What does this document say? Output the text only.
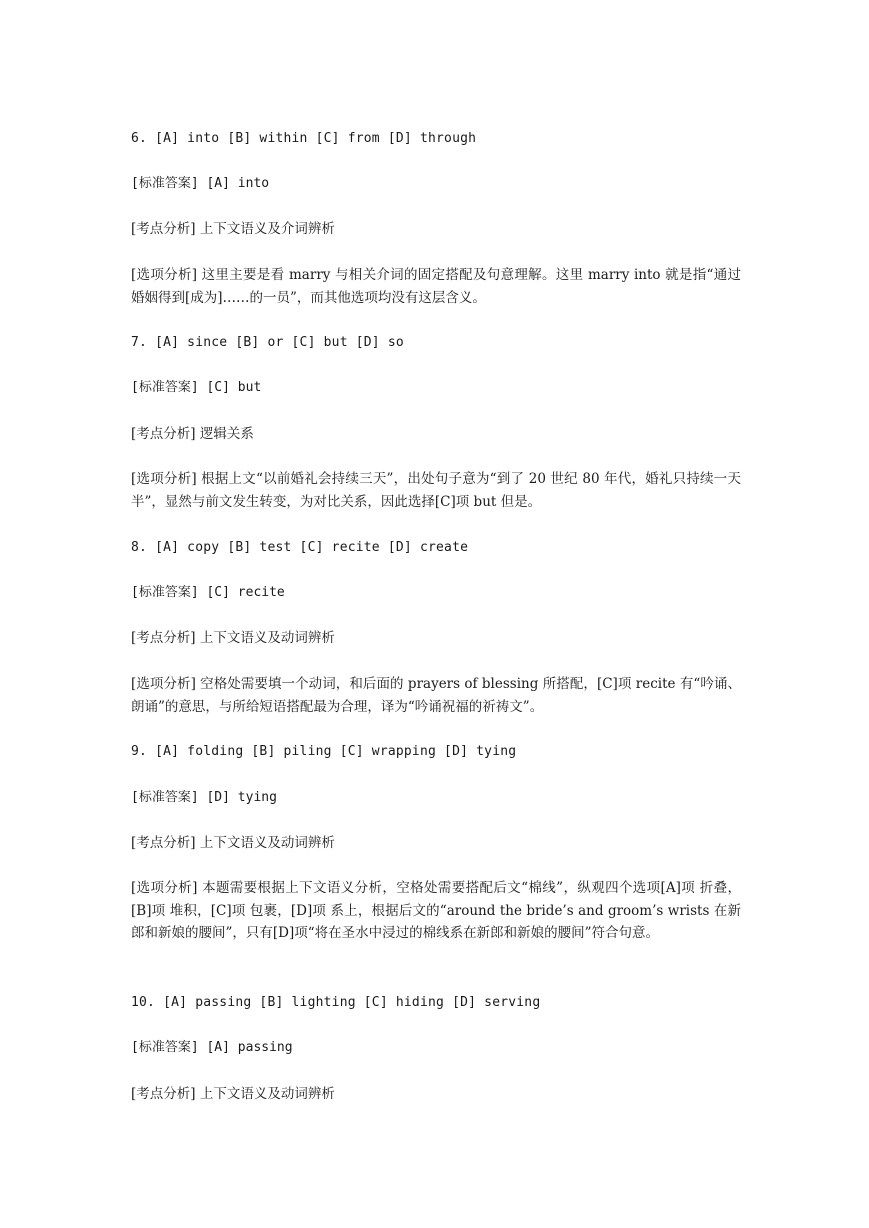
6. [A] into [B] within [C] from [D] through

[标准答案] [A] into

[考点分析] 上下文语义及介词辨析

[选项分析] 这里主要是看 marry 与相关介词的固定搭配及句意理解。这里 marry into 就是指“通过婚姻得到[成为]……的一员”，而其他选项均没有这层含义。

7. [A] since [B] or [C] but [D] so

[标准答案] [C] but

[考点分析] 逻辑关系

[选项分析] 根据上文“以前婚礼会持续三天”，出处句子意为“到了 20 世纪 80 年代，婚礼只持续一天半”，显然与前文发生转变，为对比关系，因此选择[C]项 but 但是。

8. [A] copy [B] test [C] recite [D] create

[标准答案] [C] recite

[考点分析] 上下文语义及动词辨析

[选项分析] 空格处需要填一个动词，和后面的 prayers of blessing 所搭配，[C]项 recite 有“吟诵、朗诵”的意思，与所给短语搭配最为合理，译为“吟诵祝福的祈祷文”。

9. [A] folding [B] piling [C] wrapping [D] tying

[标准答案] [D] tying

[考点分析] 上下文语义及动词辨析

[选项分析] 本题需要根据上下文语义分析，空格处需要搭配后文“棉线”，纵观四个选项[A]项 折叠，[B]项 堆积，[C]项 包裹，[D]项 系上，根据后文的“around the bride’s and groom’s wrists 在新郎和新娘的腰间”，只有[D]项“将在圣水中浸过的棉线系在新郎和新娘的腰间”符合句意。

10. [A] passing [B] lighting [C] hiding [D] serving

[标准答案] [A] passing

[考点分析] 上下文语义及动词辨析
